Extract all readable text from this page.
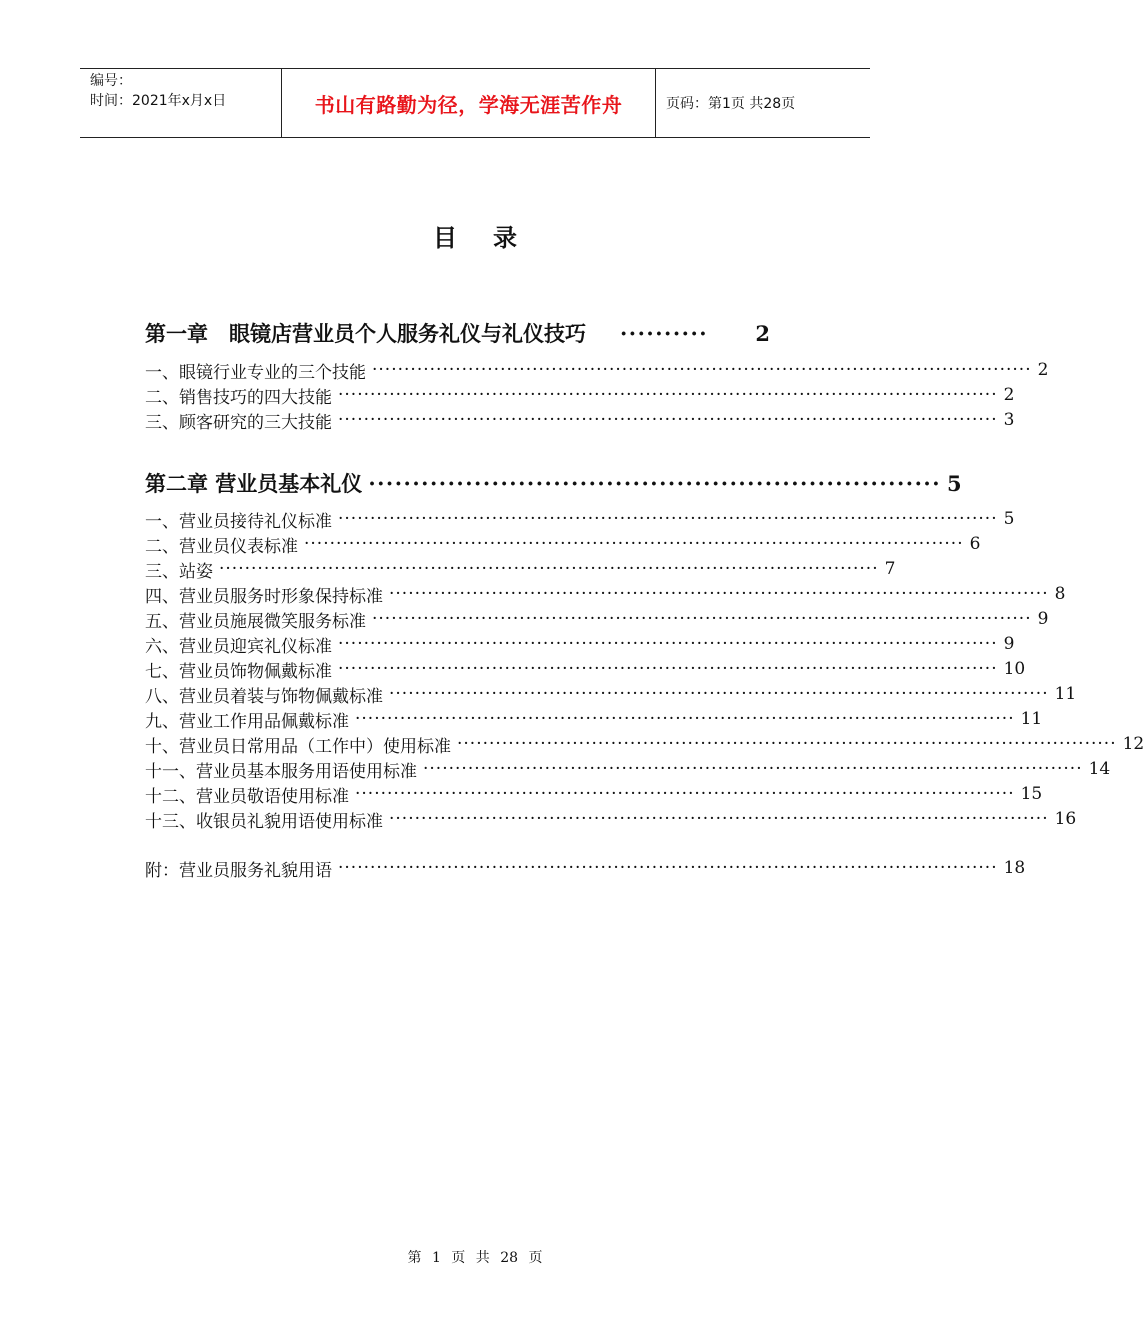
编号：
时间：2021年x月x日	书山有路勤为径，学海无涯苦作舟	页码：第1页 共28页
目录
第一章　眼镜店营业员个人服务礼仪与礼仪技巧 ··········	2
一、眼镜行业专业的三个技能 ······································································································· 2
二、销售技巧的四大技能 ······································································································· 2
三、顾客研究的三大技能 ······································································································· 3
第二章 营业员基本礼仪 ································································· 5
一、营业员接待礼仪标准 ······································································································· 5
二、营业员仪表标准 ······································································································· 6
三、站姿 ······································································································· 7
四、营业员服务时形象保持标准 ······································································································· 8
五、营业员施展微笑服务标准 ······································································································· 9
六、营业员迎宾礼仪标准 ······································································································· 9
七、营业员饰物佩戴标准 ······································································································· 10
八、营业员着装与饰物佩戴标准 ······································································································· 11
九、营业工作用品佩戴标准 ······································································································· 11
十、营业员日常用品（工作中）使用标准 ······································································································· 12
十一、营业员基本服务用语使用标准 ······································································································· 14
十二、营业员敬语使用标准 ······································································································· 15
十三、收银员礼貌用语使用标准 ······································································································· 16
附：营业员服务礼貌用语 ······································································································· 18
第 1 页 共 28 页
